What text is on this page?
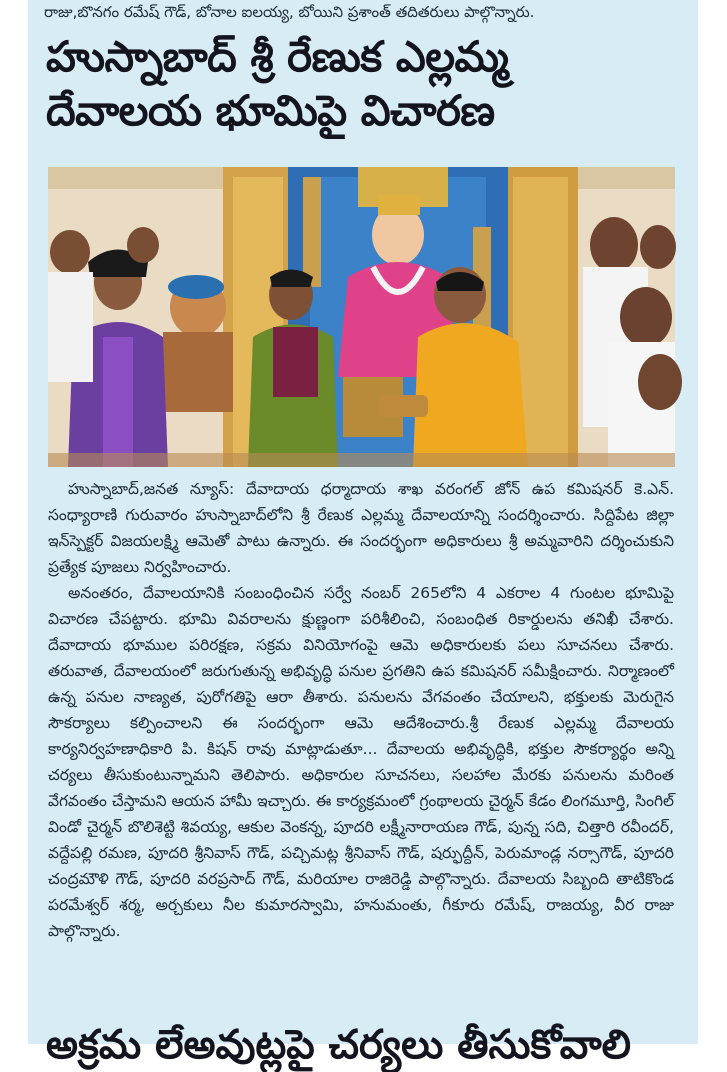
రాజు,బొనగం రమేష్ గౌడ్, బోనాల ఐలయ్య, బోయిని ప్రశాంత్ తదితరులు పాల్గొన్నారు.
హుస్నాబాద్ శ్రీ రేణుక ఎల్లమ్మ
దేవాలయ భూమిపై విచారణ

హుస్నాబాద్,జనత న్యూస్: దేవాదాయ ధర్మాదాయ శాఖ వరంగల్ జోన్ ఉప కమిషనర్ కె.ఎన్. సంధ్యారాణి గురువారం హుస్నాబాద్‌లోని శ్రీ రేణుక ఎల్లమ్మ దేవాలయాన్ని సందర్శించారు. సిద్దిపేట జిల్లా ఇన్‌స్పెక్టర్ విజయలక్ష్మి ఆమెతో పాటు ఉన్నారు. ఈ సందర్భంగా అధికారులు శ్రీ అమ్మవారిని దర్శించుకుని ప్రత్యేక పూజలు నిర్వహించారు.

అనంతరం, దేవాలయానికి సంబంధించిన సర్వే నంబర్ 265లోని 4 ఎకరాల 4 గుంటల భూమిపై విచారణ చేపట్టారు. భూమి వివరాలను క్షుణ్ణంగా పరిశీలించి, సంబంధిత రికార్డులను తనిఖీ చేశారు. దేవాదాయ భూముల పరిరక్షణ, సక్రమ వినియోగంపై ఆమె అధికారులకు పలు సూచనలు చేశారు. తరువాత, దేవాలయంలో జరుగుతున్న అభివృద్ధి పనుల ప్రగతిని ఉప కమిషనర్ సమీక్షించారు. నిర్మాణంలో ఉన్న పనుల నాణ్యత, పురోగతిపై ఆరా తీశారు. పనులను వేగవంతం చేయాలని, భక్తులకు మెరుగైన సౌకర్యాలు కల్పించాలని ఈ సందర్భంగా ఆమె ఆదేశించారు.శ్రీ రేణుక ఎల్లమ్మ దేవాలయ కార్యనిర్వహణాధికారి పి. కిషన్ రావు మాట్లాడుతూ... దేవాలయ అభివృద్ధికి, భక్తుల సౌకర్యార్థం అన్ని చర్యలు తీసుకుంటున్నామని తెలిపారు. అధికారుల సూచనలు, సలహాల మేరకు పనులను మరింత వేగవంతం చేస్తామని ఆయన హామీ ఇచ్చారు. ఈ కార్యక్రమంలో గ్రంథాలయ చైర్మన్ కేడం లింగమూర్తి, సింగిల్ విండో చైర్మన్ బొలిశెట్టి శివయ్య, ఆకుల వెంకన్న, పూదరి లక్ష్మీనారాయణ గౌడ్, పున్న సది, చిత్తారి రవీందర్, వద్దేపల్లి రమణ, పూదరి శ్రీనివాస్ గౌడ్, పచ్చిమట్ల శ్రీనివాస్ గౌడ్, షర్ఫుద్దీన్, పెరుమాండ్ల నర్సాగౌడ్, పూదరి చంద్రమౌళి గౌడ్, పూదరి వరప్రసాద్ గౌడ్, మరియాల రాజిరెడ్డి పాల్గొన్నారు. దేవాలయ సిబ్బంది తాటికొండ పరమేశ్వర్ శర్మ, అర్చకులు నీల కుమారస్వామి, హనుమంతు, గీకూరు రమేష్, రాజయ్య, వీర రాజు పాల్గొన్నారు.

అక్రమ లేఅవుట్లపై చర్యలు తీసుకోవాలి
